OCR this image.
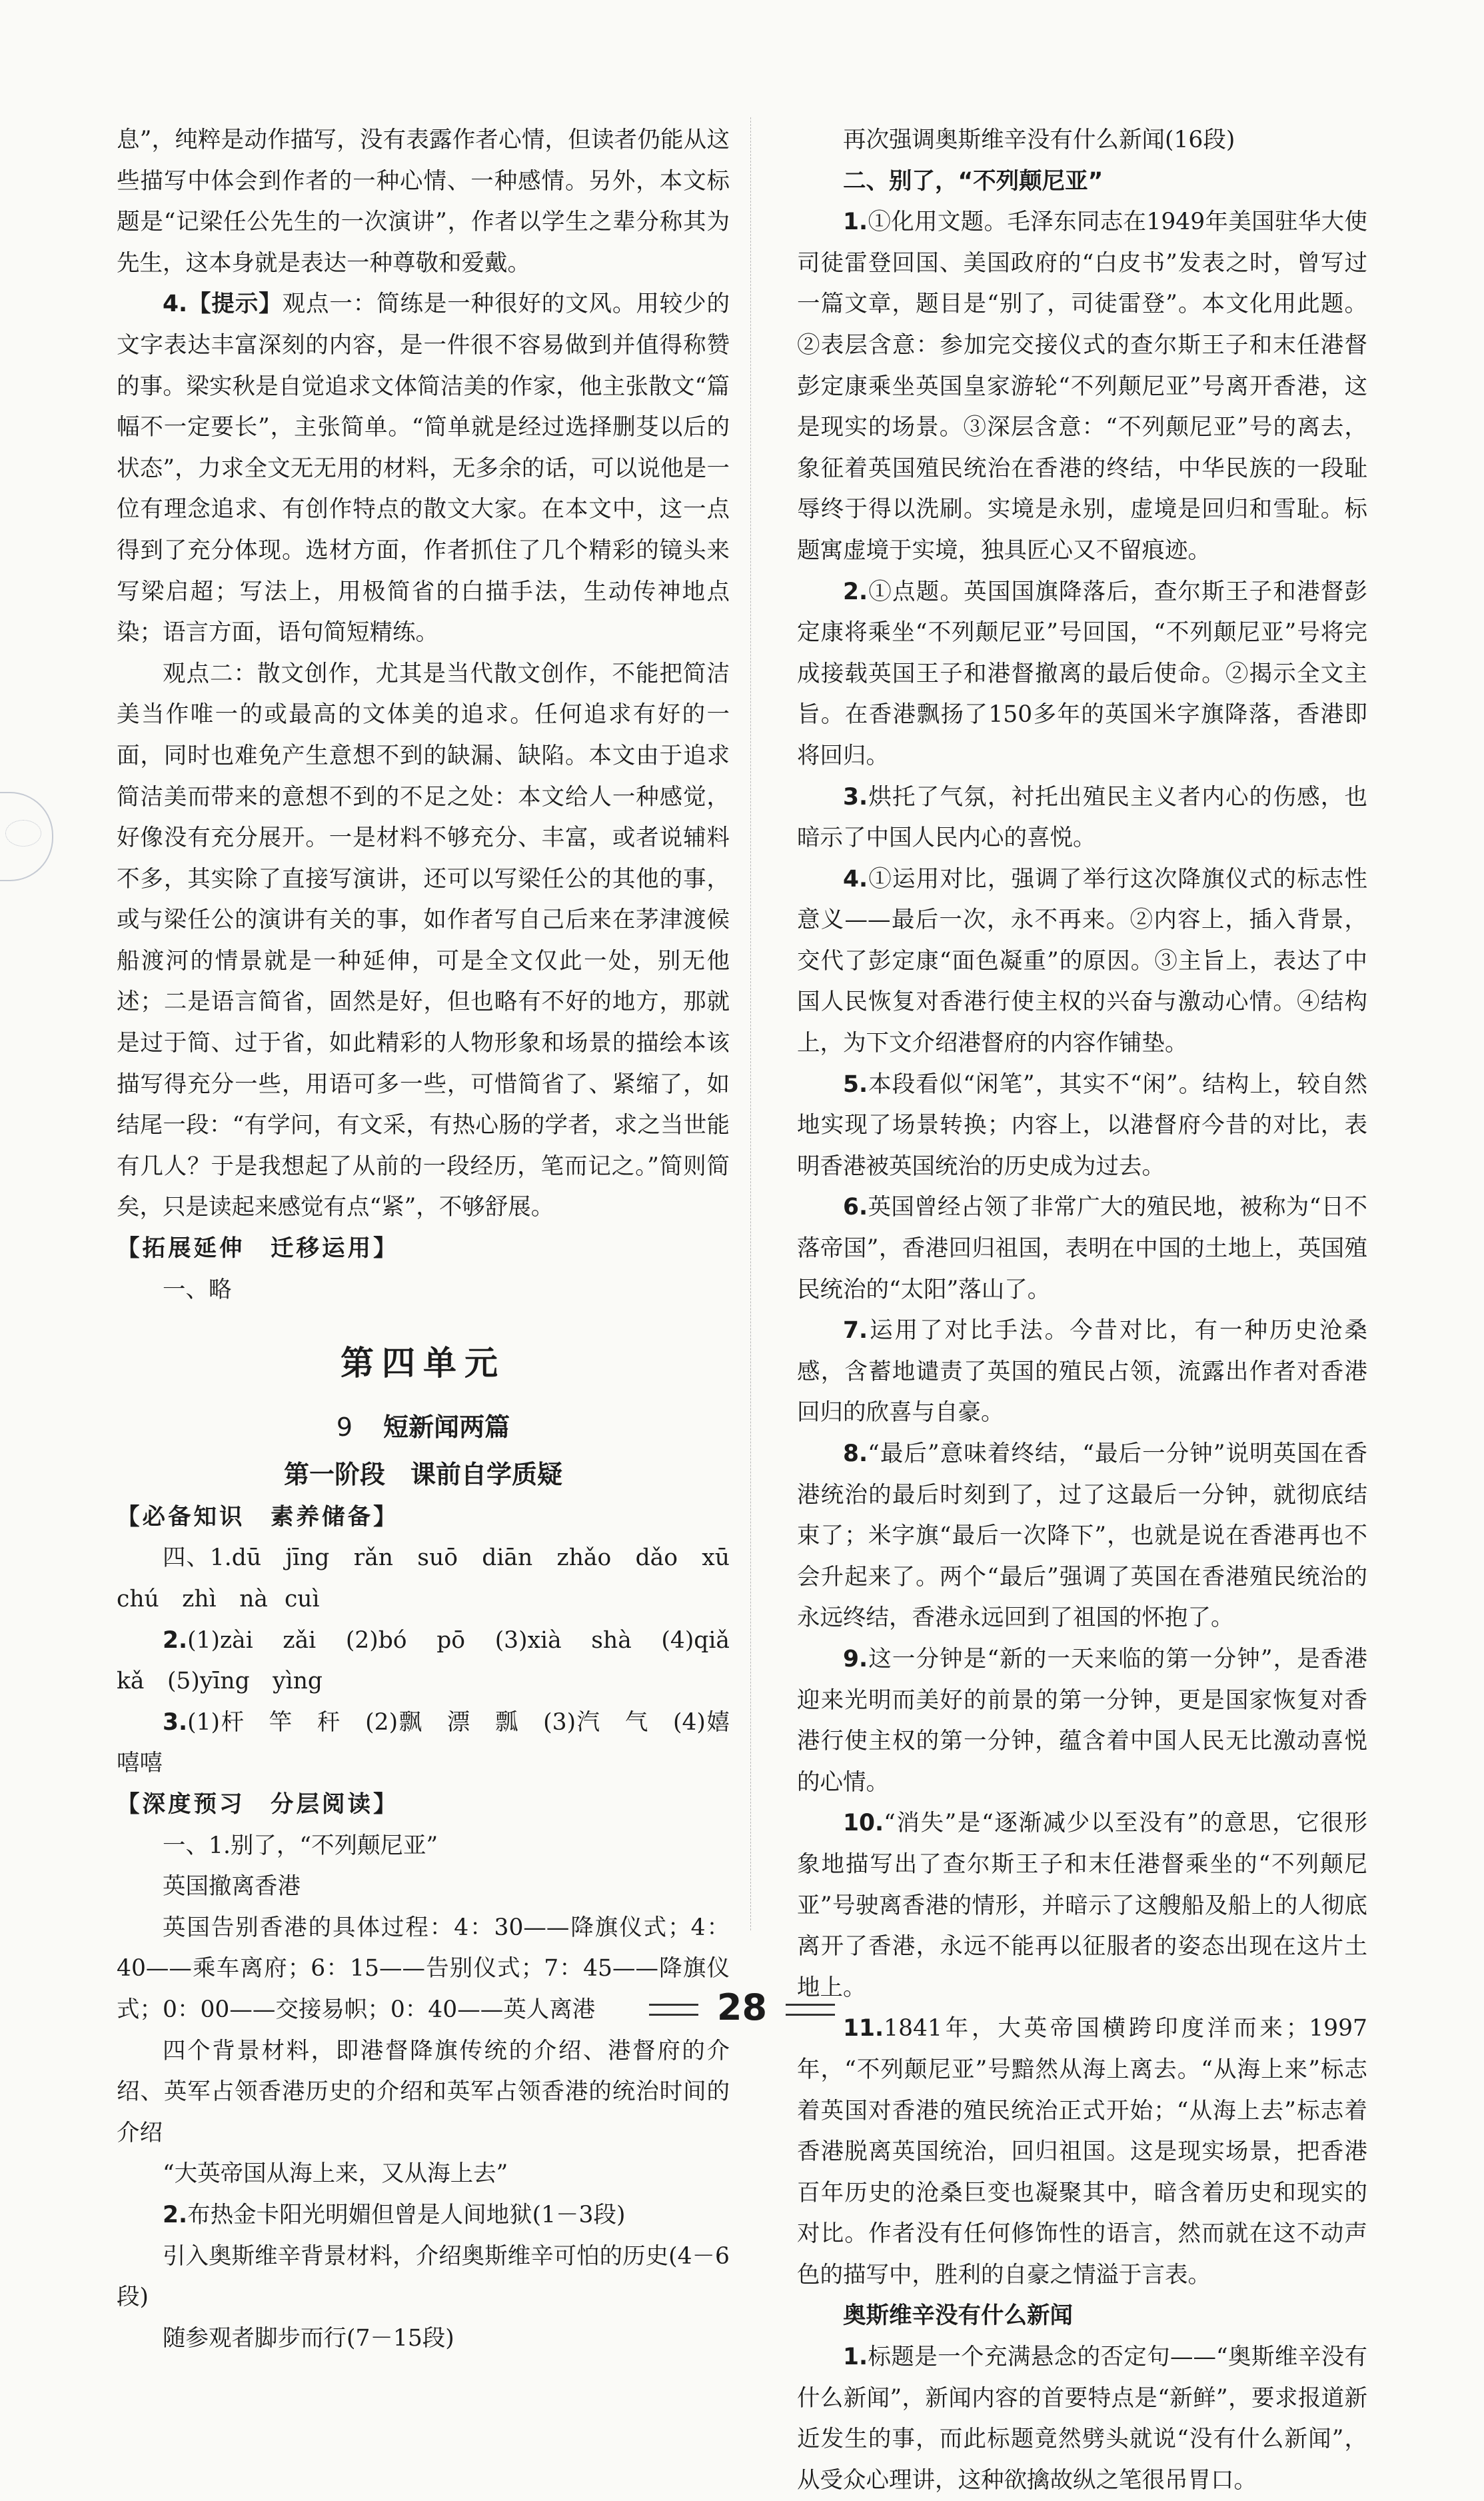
息”，纯粹是动作描写，没有表露作者心情，但读者仍能从这些描写中体会到作者的一种心情、一种感情。另外，本文标题是“记梁任公先生的一次演讲”，作者以学生之辈分称其为先生，这本身就是表达一种尊敬和爱戴。

4.【提示】观点一：简练是一种很好的文风。用较少的文字表达丰富深刻的内容，是一件很不容易做到并值得称赞的事。梁实秋是自觉追求文体简洁美的作家，他主张散文“篇幅不一定要长”，主张简单。“简单就是经过选择删芟以后的状态”，力求全文无无用的材料，无多余的话，可以说他是一位有理念追求、有创作特点的散文大家。在本文中，这一点得到了充分体现。选材方面，作者抓住了几个精彩的镜头来写梁启超；写法上，用极简省的白描手法，生动传神地点染；语言方面，语句简短精练。

观点二：散文创作，尤其是当代散文创作，不能把简洁美当作唯一的或最高的文体美的追求。任何追求有好的一面，同时也难免产生意想不到的缺漏、缺陷。本文由于追求简洁美而带来的意想不到的不足之处：本文给人一种感觉，好像没有充分展开。一是材料不够充分、丰富，或者说辅料不多，其实除了直接写演讲，还可以写梁任公的其他的事，或与梁任公的演讲有关的事，如作者写自己后来在茅津渡候船渡河的情景就是一种延伸，可是全文仅此一处，别无他述；二是语言简省，固然是好，但也略有不好的地方，那就是过于简、过于省，如此精彩的人物形象和场景的描绘本该描写得充分一些，用语可多一些，可惜简省了、紧缩了，如结尾一段：“有学问，有文采，有热心肠的学者，求之当世能有几人？于是我想起了从前的一段经历，笔而记之。”简则简矣，只是读起来感觉有点“紧”，不够舒展。

【拓展延伸　迁移运用】

一、略

第四单元
9 短新闻两篇
第一阶段　课前自学质疑

【必备知识　素养储备】

四、1.dū　jīng　rǎn　suō　diān　zhǎo　dǎo　xū　chú　zhì　nà cuì

2.(1)zài　zǎi　(2)bó　pō　(3)xià　shà　(4)qiǎ　kǎ　(5)yīng　yìng

3.(1)杆　竿　秆　(2)飘　漂　瓢　(3)汽　气　(4)嬉　嘻嘻

【深度预习　分层阅读】

一、1.别了，“不列颠尼亚”

英国撤离香港

英国告别香港的具体过程：4：30——降旗仪式；4：40——乘车离府；6：15——告别仪式；7：45——降旗仪式；0：00——交接易帜；0：40——英人离港

四个背景材料，即港督降旗传统的介绍、港督府的介绍、英军占领香港历史的介绍和英军占领香港的统治时间的介绍

“大英帝国从海上来，又从海上去”

2.布热金卡阳光明媚但曾是人间地狱(1－3段)

引入奥斯维辛背景材料，介绍奥斯维辛可怕的历史(4－6段)

随参观者脚步而行(7－15段)

再次强调奥斯维辛没有什么新闻(16段)

二、别了，“不列颠尼亚”

1.①化用文题。毛泽东同志在1949年美国驻华大使司徒雷登回国、美国政府的“白皮书”发表之时，曾写过一篇文章，题目是“别了，司徒雷登”。本文化用此题。②表层含意：参加完交接仪式的查尔斯王子和末任港督彭定康乘坐英国皇家游轮“不列颠尼亚”号离开香港，这是现实的场景。③深层含意：“不列颠尼亚”号的离去，象征着英国殖民统治在香港的终结，中华民族的一段耻辱终于得以洗刷。实境是永别，虚境是回归和雪耻。标题寓虚境于实境，独具匠心又不留痕迹。

2.①点题。英国国旗降落后，查尔斯王子和港督彭定康将乘坐“不列颠尼亚”号回国，“不列颠尼亚”号将完成接载英国王子和港督撤离的最后使命。②揭示全文主旨。在香港飘扬了150多年的英国米字旗降落，香港即将回归。

3.烘托了气氛，衬托出殖民主义者内心的伤感，也暗示了中国人民内心的喜悦。

4.①运用对比，强调了举行这次降旗仪式的标志性意义——最后一次，永不再来。②内容上，插入背景，交代了彭定康“面色凝重”的原因。③主旨上，表达了中国人民恢复对香港行使主权的兴奋与激动心情。④结构上，为下文介绍港督府的内容作铺垫。

5.本段看似“闲笔”，其实不“闲”。结构上，较自然地实现了场景转换；内容上，以港督府今昔的对比，表明香港被英国统治的历史成为过去。

6.英国曾经占领了非常广大的殖民地，被称为“日不落帝国”，香港回归祖国，表明在中国的土地上，英国殖民统治的“太阳”落山了。

7.运用了对比手法。今昔对比，有一种历史沧桑感，含蓄地谴责了英国的殖民占领，流露出作者对香港回归的欣喜与自豪。

8.“最后”意味着终结，“最后一分钟”说明英国在香港统治的最后时刻到了，过了这最后一分钟，就彻底结束了；米字旗“最后一次降下”，也就是说在香港再也不会升起来了。两个“最后”强调了英国在香港殖民统治的永远终结，香港永远回到了祖国的怀抱了。

9.这一分钟是“新的一天来临的第一分钟”，是香港迎来光明而美好的前景的第一分钟，更是国家恢复对香港行使主权的第一分钟，蕴含着中国人民无比激动喜悦的心情。

10.“消失”是“逐渐减少以至没有”的意思，它很形象地描写出了查尔斯王子和末任港督乘坐的“不列颠尼亚”号驶离香港的情形，并暗示了这艘船及船上的人彻底离开了香港，永远不能再以征服者的姿态出现在这片土地上。

11.1841年，大英帝国横跨印度洋而来；1997年，“不列颠尼亚”号黯然从海上离去。“从海上来”标志着英国对香港的殖民统治正式开始；“从海上去”标志着香港脱离英国统治，回归祖国。这是现实场景，把香港百年历史的沧桑巨变也凝聚其中，暗含着历史和现实的对比。作者没有任何修饰性的语言，然而就在这不动声色的描写中，胜利的自豪之情溢于言表。

奥斯维辛没有什么新闻

1.标题是一个充满悬念的否定句——“奥斯维辛没有什么新闻”，新闻内容的首要特点是“新鲜”，要求报道新近发生的事，而此标题竟然劈头就说“没有什么新闻”，从受众心理讲，这种欲擒故纵之笔很吊胃口。

28
